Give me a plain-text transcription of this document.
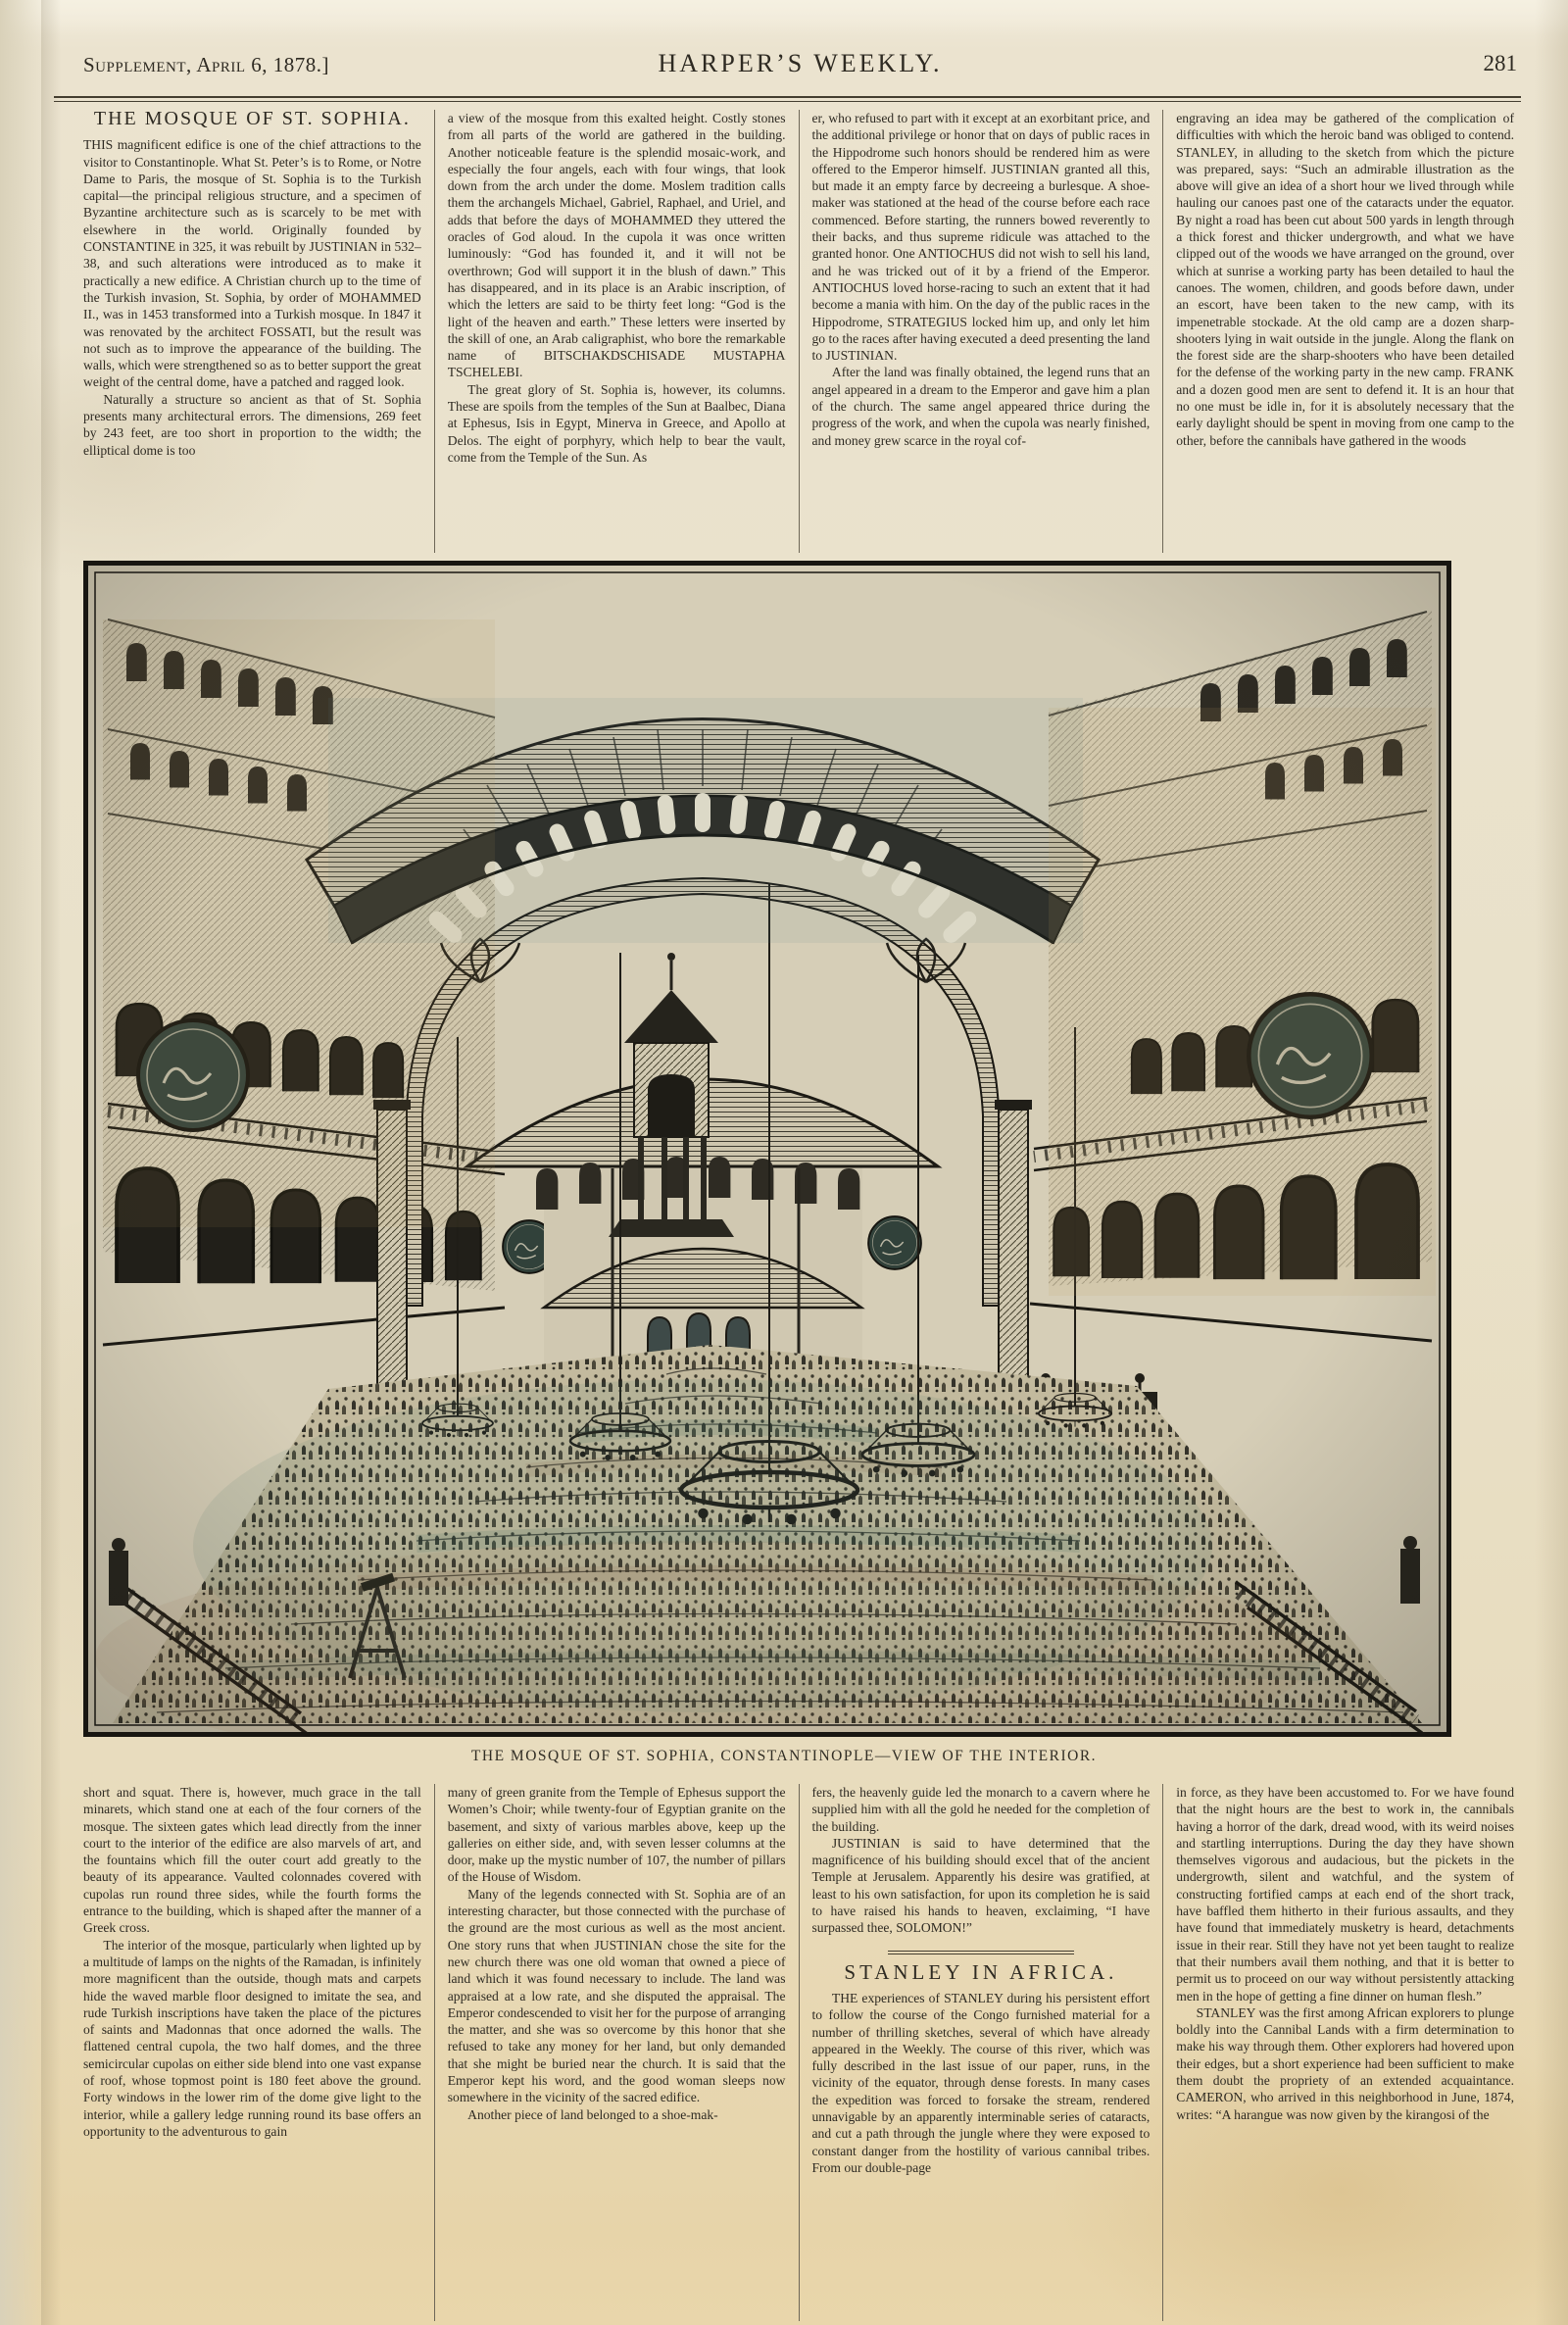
Supplement, April 6, 1878.]	HARPER’S WEEKLY.	281
THE MOSQUE OF ST. SOPHIA.

THIS magnificent edifice is one of the chief attractions to the visitor to Constantinople. What St. Peter’s is to Rome, or Notre Dame to Paris, the mosque of St. Sophia is to the Turkish capital—the principal religious structure, and a specimen of Byzantine architecture such as is scarcely to be met with elsewhere in the world. Originally founded by CONSTANTINE in 325, it was rebuilt by JUSTINIAN in 532–38, and such alterations were introduced as to make it practically a new edifice. A Christian church up to the time of the Turkish invasion, St. Sophia, by order of MOHAMMED II., was in 1453 transformed into a Turkish mosque. In 1847 it was renovated by the architect FOSSATI, but the result was not such as to improve the appearance of the building. The walls, which were strengthened so as to better support the great weight of the central dome, have a patched and ragged look.

Naturally a structure so ancient as that of St. Sophia presents many architectural errors. The dimensions, 269 feet by 243 feet, are too short in proportion to the width; the elliptical dome is too

a view of the mosque from this exalted height. Costly stones from all parts of the world are gathered in the building. Another noticeable feature is the splendid mosaic-work, and especially the four angels, each with four wings, that look down from the arch under the dome. Moslem tradition calls them the archangels Michael, Gabriel, Raphael, and Uriel, and adds that before the days of MOHAMMED they uttered the oracles of God aloud. In the cupola it was once written luminously: “God has founded it, and it will not be overthrown; God will support it in the blush of dawn.” This has disappeared, and in its place is an Arabic inscription, of which the letters are said to be thirty feet long: “God is the light of the heaven and earth.” These letters were inserted by the skill of one, an Arab caligraphist, who bore the remarkable name of BITSCHAKDSCHISADE MUSTAPHA TSCHELEBI.

The great glory of St. Sophia is, however, its columns. These are spoils from the temples of the Sun at Baalbec, Diana at Ephesus, Isis in Egypt, Minerva in Greece, and Apollo at Delos. The eight of porphyry, which help to bear the vault, come from the Temple of the Sun. As

er, who refused to part with it except at an exorbitant price, and the additional privilege or honor that on days of public races in the Hippodrome such honors should be rendered him as were offered to the Emperor himself. JUSTINIAN granted all this, but made it an empty farce by decreeing a burlesque. A shoe-maker was stationed at the head of the course before each race commenced. Before starting, the runners bowed reverently to their backs, and thus supreme ridicule was attached to the granted honor. One ANTIOCHUS did not wish to sell his land, and he was tricked out of it by a friend of the Emperor. ANTIOCHUS loved horse-racing to such an extent that it had become a mania with him. On the day of the public races in the Hippodrome, STRATEGIUS locked him up, and only let him go to the races after having executed a deed presenting the land to JUSTINIAN.

After the land was finally obtained, the legend runs that an angel appeared in a dream to the Emperor and gave him a plan of the church. The same angel appeared thrice during the progress of the work, and when the cupola was nearly finished, and money grew scarce in the royal cof-

engraving an idea may be gathered of the complication of difficulties with which the heroic band was obliged to contend. STANLEY, in alluding to the sketch from which the picture was prepared, says: “Such an admirable illustration as the above will give an idea of a short hour we lived through while hauling our canoes past one of the cataracts under the equator. By night a road has been cut about 500 yards in length through a thick forest and thicker undergrowth, and what we have clipped out of the woods we have arranged on the ground, over which at sunrise a working party has been detailed to haul the canoes. The women, children, and goods before dawn, under an escort, have been taken to the new camp, with its impenetrable stockade. At the old camp are a dozen sharp-shooters lying in wait outside in the jungle. Along the flank on the forest side are the sharp-shooters who have been detailed for the defense of the working party in the new camp. FRANK and a dozen good men are sent to defend it. It is an hour that no one must be idle in, for it is absolutely necessary that the early daylight should be spent in moving from one camp to the other, before the cannibals have gathered in the woods

THE MOSQUE OF ST. SOPHIA, CONSTANTINOPLE—VIEW OF THE INTERIOR.

short and squat. There is, however, much grace in the tall minarets, which stand one at each of the four corners of the mosque. The sixteen gates which lead directly from the inner court to the interior of the edifice are also marvels of art, and the fountains which fill the outer court add greatly to the beauty of its appearance. Vaulted colonnades covered with cupolas run round three sides, while the fourth forms the entrance to the building, which is shaped after the manner of a Greek cross.

The interior of the mosque, particularly when lighted up by a multitude of lamps on the nights of the Ramadan, is infinitely more magnificent than the outside, though mats and carpets hide the waved marble floor designed to imitate the sea, and rude Turkish inscriptions have taken the place of the pictures of saints and Madonnas that once adorned the walls. The flattened central cupola, the two half domes, and the three semicircular cupolas on either side blend into one vast expanse of roof, whose topmost point is 180 feet above the ground. Forty windows in the lower rim of the dome give light to the interior, while a gallery ledge running round its base offers an opportunity to the adventurous to gain

many of green granite from the Temple of Ephesus support the Women’s Choir; while twenty-four of Egyptian granite on the basement, and sixty of various marbles above, keep up the galleries on either side, and, with seven lesser columns at the door, make up the mystic number of 107, the number of pillars of the House of Wisdom.

Many of the legends connected with St. Sophia are of an interesting character, but those connected with the purchase of the ground are the most curious as well as the most ancient. One story runs that when JUSTINIAN chose the site for the new church there was one old woman that owned a piece of land which it was found necessary to include. The land was appraised at a low rate, and she disputed the appraisal. The Emperor condescended to visit her for the purpose of arranging the matter, and she was so overcome by this honor that she refused to take any money for her land, but only demanded that she might be buried near the church. It is said that the Emperor kept his word, and the good woman sleeps now somewhere in the vicinity of the sacred edifice.

Another piece of land belonged to a shoe-mak-

fers, the heavenly guide led the monarch to a cavern where he supplied him with all the gold he needed for the completion of the building.

JUSTINIAN is said to have determined that the magnificence of his building should excel that of the ancient Temple at Jerusalem. Apparently his desire was gratified, at least to his own satisfaction, for upon its completion he is said to have raised his hands to heaven, exclaiming, “I have surpassed thee, SOLOMON!”

STANLEY IN AFRICA.

THE experiences of STANLEY during his persistent effort to follow the course of the Congo furnished material for a number of thrilling sketches, several of which have already appeared in the Weekly. The course of this river, which was fully described in the last issue of our paper, runs, in the vicinity of the equator, through dense forests. In many cases the expedition was forced to forsake the stream, rendered unnavigable by an apparently interminable series of cataracts, and cut a path through the jungle where they were exposed to constant danger from the hostility of various cannibal tribes. From our double-page

in force, as they have been accustomed to. For we have found that the night hours are the best to work in, the cannibals having a horror of the dark, dread wood, with its weird noises and startling interruptions. During the day they have shown themselves vigorous and audacious, but the pickets in the undergrowth, silent and watchful, and the system of constructing fortified camps at each end of the short track, have baffled them hitherto in their furious assaults, and they have found that immediately musketry is heard, detachments issue in their rear. Still they have not yet been taught to realize that their numbers avail them nothing, and that it is better to permit us to proceed on our way without persistently attacking men in the hope of getting a fine dinner on human flesh.”

STANLEY was the first among African explorers to plunge boldly into the Cannibal Lands with a firm determination to make his way through them. Other explorers had hovered upon their edges, but a short experience had been sufficient to make them doubt the propriety of an extended acquaintance. CAMERON, who arrived in this neighborhood in June, 1874, writes: “A harangue was now given by the kirangosi of the
